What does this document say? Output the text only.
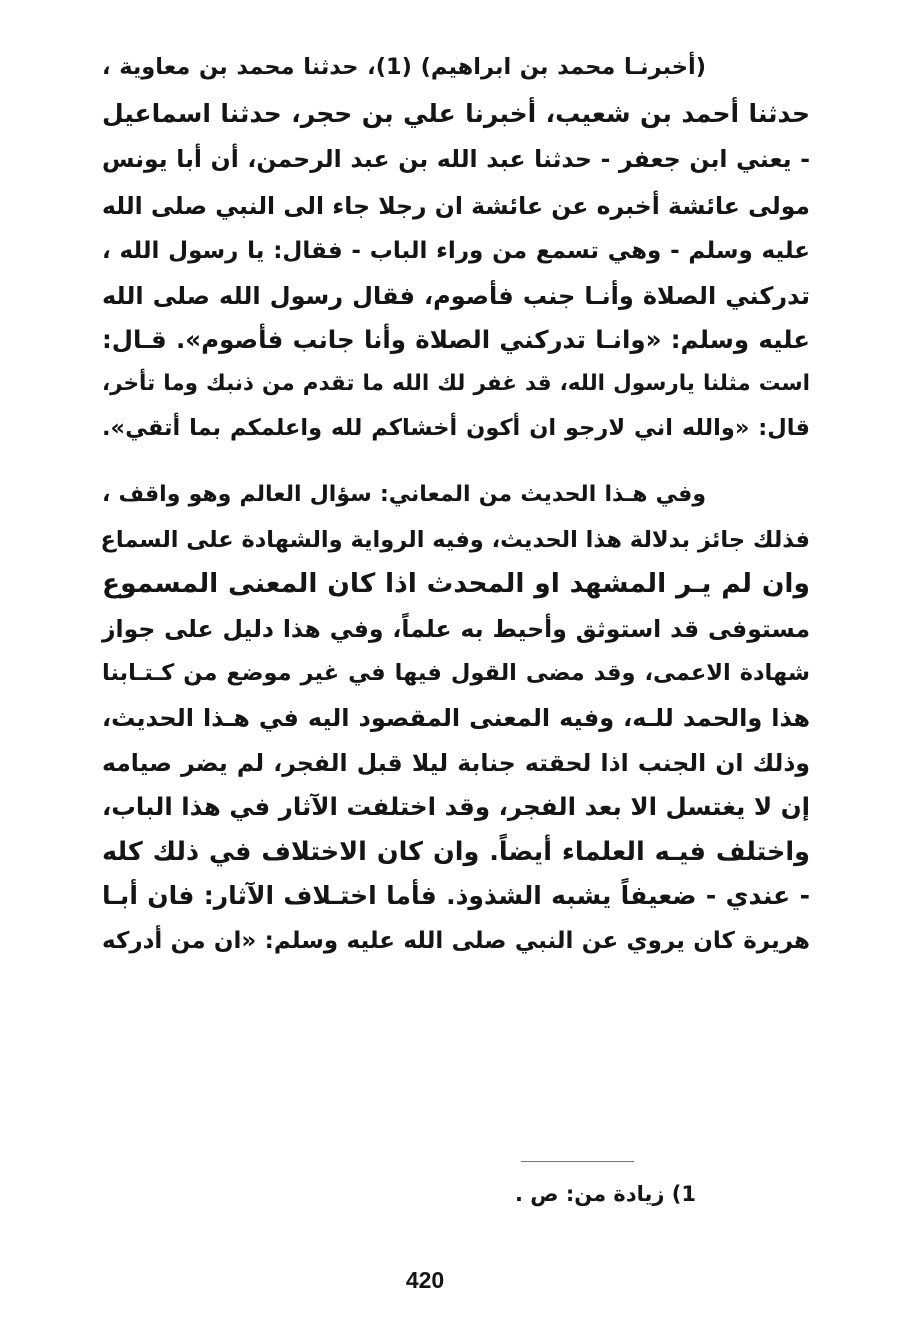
(أخبرنـا محمد بن ابراهيم) (1)، حدثنا محمد بن معاوية ،
حدثنا أحمد بن شعيب، أخبرنا علي بن حجر، حدثنا اسماعيل
- يعني ابن جعفر - حدثنا عبد الله بن عبد الرحمن، أن أبا يونس
مولى عائشة أخبره عن عائشة ان رجلا جاء الى النبي صلى الله
عليه وسلم - وهي تسمع من وراء الباب - فقال: يا رسول الله ،
تدركني الصلاة وأنـا جنب فأصوم، فقال رسول الله صلى الله
عليه وسلم: «وانـا تدركني الصلاة وأنا جانب فأصوم». قـال:
است مثلنا يارسول الله، قد غفر لك الله ما تقدم من ذنبك وما تأخر،
قال: «والله اني لارجو ان أكون أخشاكم لله واعلمكم بما أتقي».
وفي هـذا الحديث من المعاني: سؤال العالم وهو واقف ،
فذلك جائز بدلالة هذا الحديث، وفيه الرواية والشهادة على السماع
وان لم يـر المشهد او المحدث اذا كان المعنى المسموع
مستوفى قد استوثق وأحيط به علماً، وفي هذا دليل على جواز
شهادة الاعمى، وقد مضى القول فيها في غير موضع من كـتـابنا
هذا والحمد للـه، وفيه المعنى المقصود اليه في هـذا الحديث،
وذلك ان الجنب اذا لحقته جنابة ليلا قبل الفجر، لم يضر صيامه
إن لا يغتسل الا بعد الفجر، وقد اختلفت الآثار في هذا الباب،
واختلف فيـه العلماء أيضاً. وان كان الاختلاف في ذلك كله
- عندي - ضعيفاً يشبه الشذوذ. فأما اختـلاف الآثار: فان أبـا
هريرة كان يروي عن النبي صلى الله عليه وسلم: «ان من أدركه
1) زيادة من: ص .
420
